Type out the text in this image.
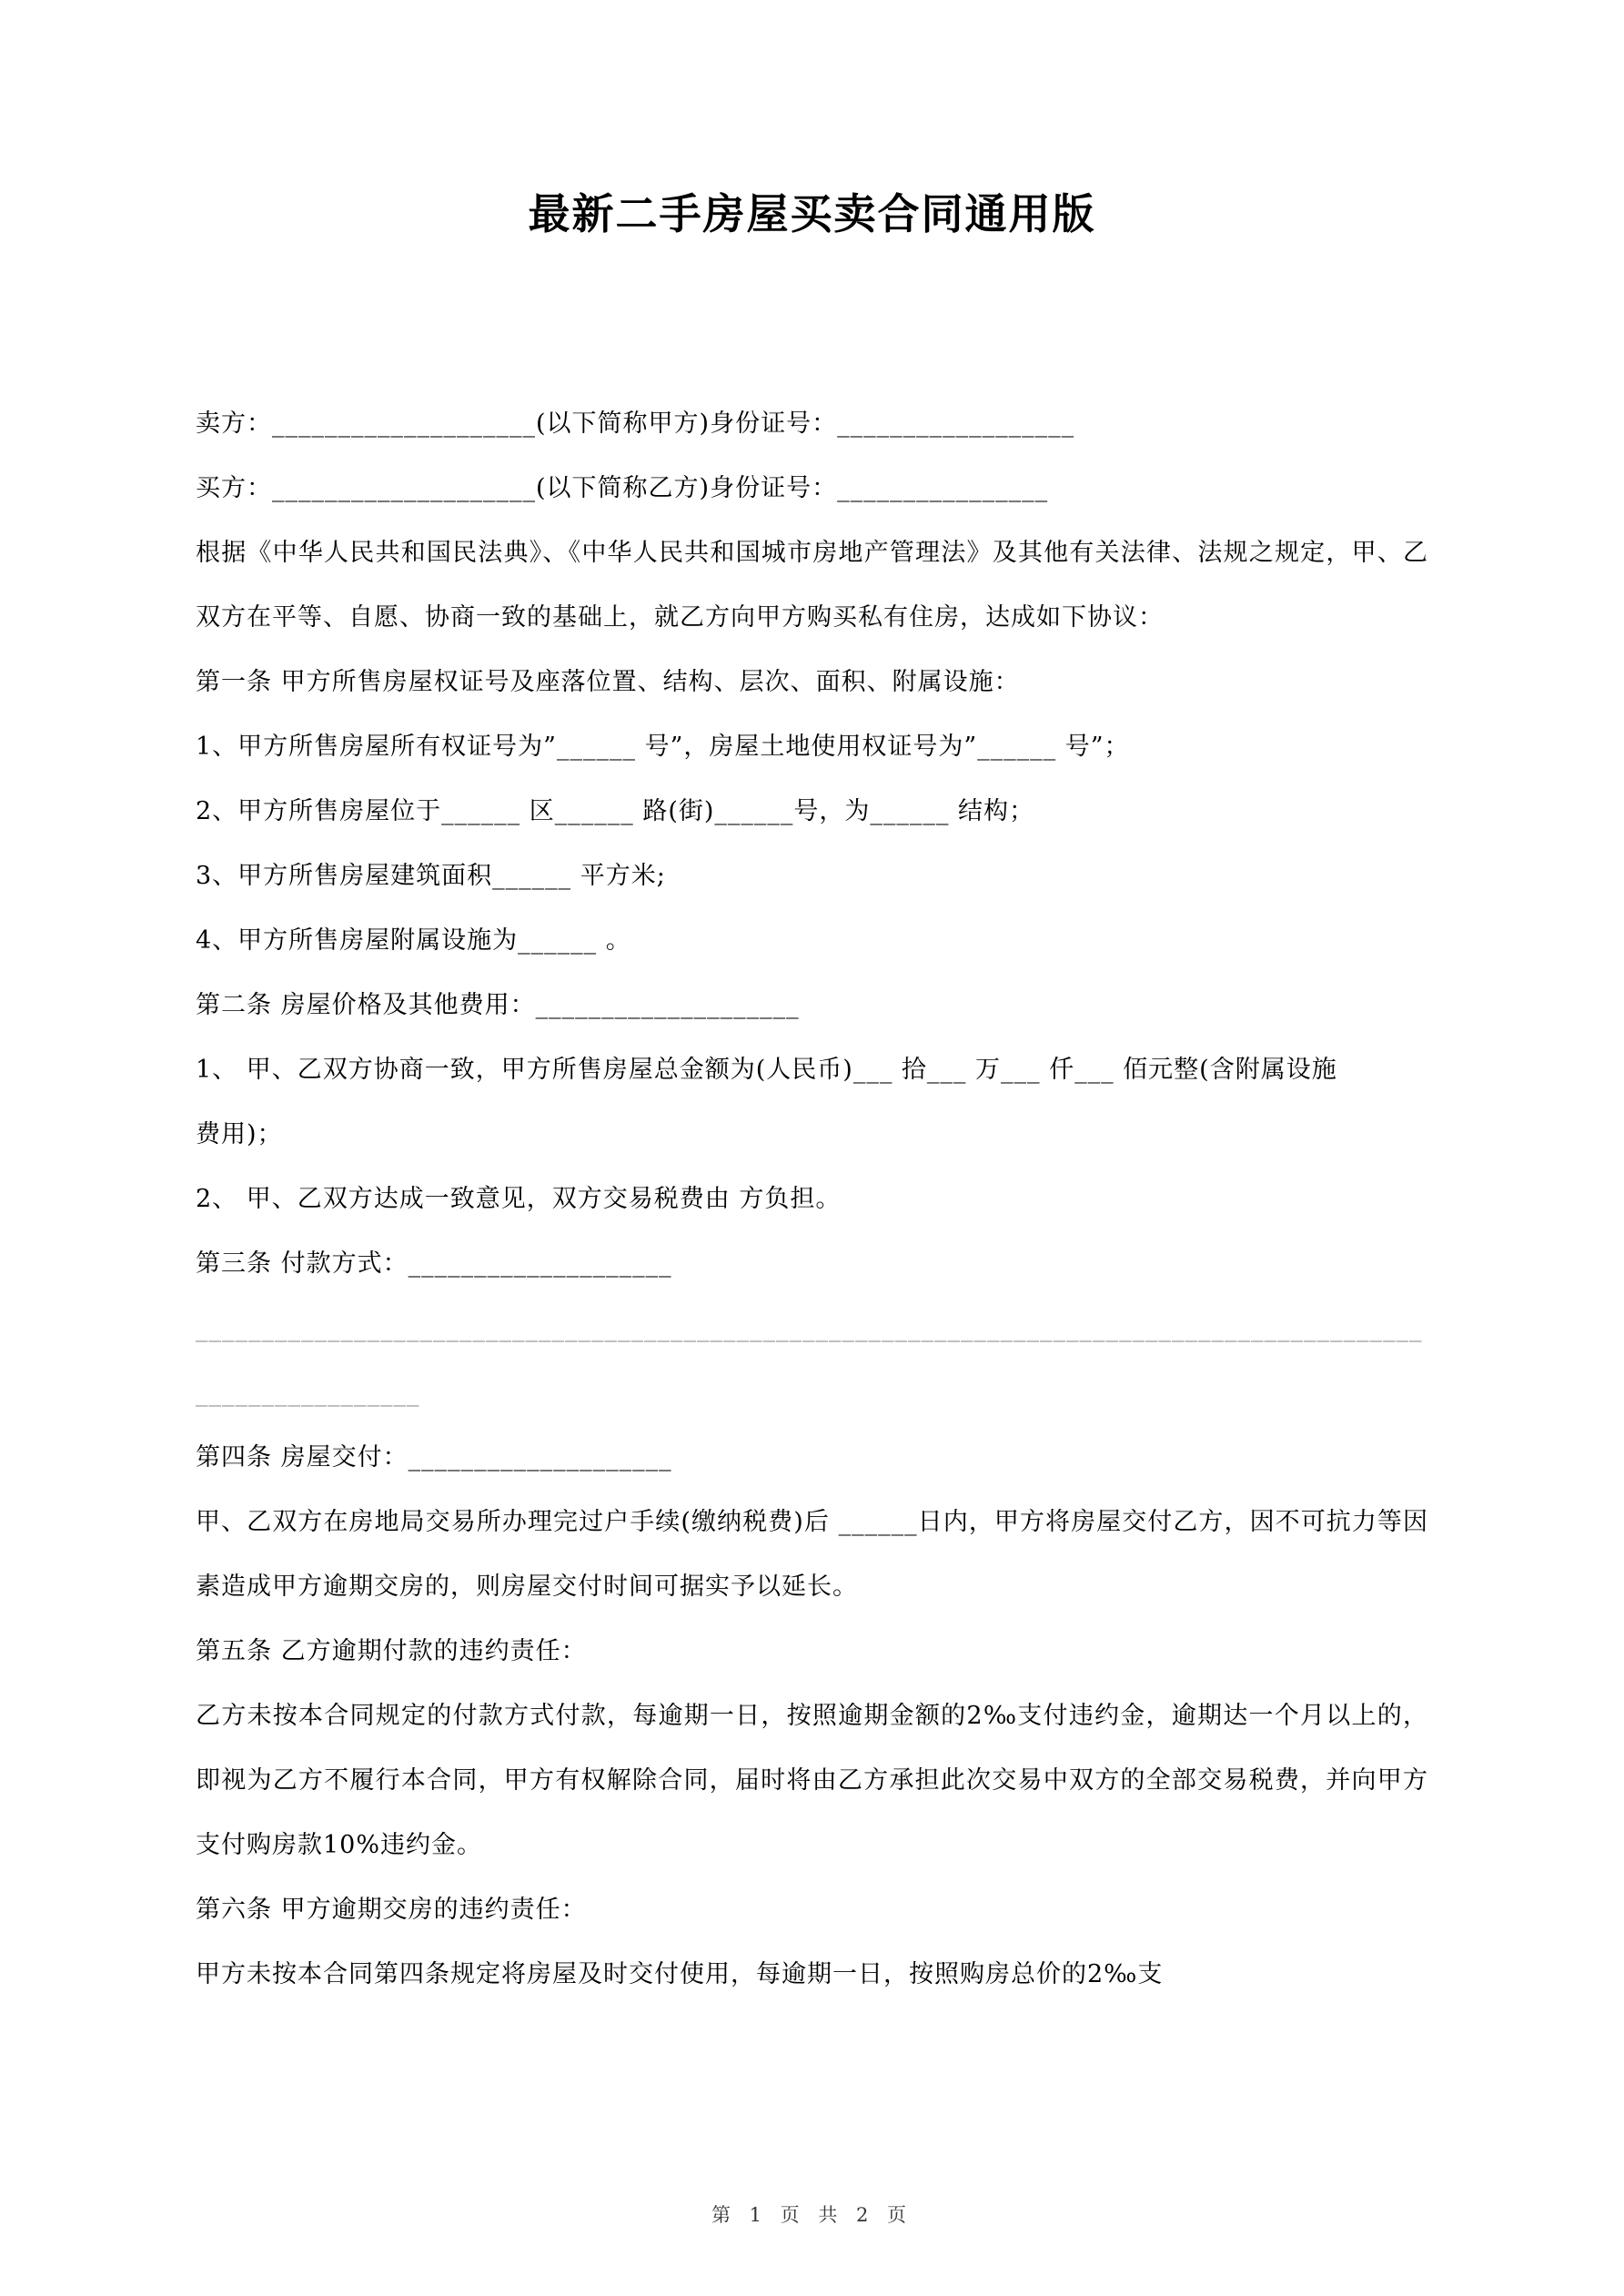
最新二手房屋买卖合同通用版

卖方：____________________(以下简称甲方)身份证号：__________________

买方：____________________(以下简称乙方)身份证号：________________

根据《中华人民共和国民法典》、《中华人民共和国城市房地产管理法》及其他有关法律、法规之规定，甲、乙双方在平等、自愿、协商一致的基础上，就乙方向甲方购买私有住房，达成如下协议：

第一条 甲方所售房屋权证号及座落位置、结构、层次、面积、附属设施：

1、甲方所售房屋所有权证号为”______ 号”，房屋土地使用权证号为”______ 号”；

2、甲方所售房屋位于______ 区______ 路(街)______号，为______ 结构；

3、甲方所售房屋建筑面积______ 平方米;

4、甲方所售房屋附属设施为______ 。

第二条 房屋价格及其他费用：____________________

1、 甲、乙双方协商一致，甲方所售房屋总金额为(人民币)___ 拾___ 万___ 仟___ 佰元整(含附属设施

费用)；

2、 甲、乙双方达成一致意见，双方交易税费由 方负担。

第三条 付款方式：____________________

______________________________________________________________________________________________________________

第四条 房屋交付：____________________

甲、乙双方在房地局交易所办理完过户手续(缴纳税费)后 ______日内，甲方将房屋交付乙方，因不可抗力等因素造成甲方逾期交房的，则房屋交付时间可据实予以延长。

第五条 乙方逾期付款的违约责任：

乙方未按本合同规定的付款方式付款，每逾期一日，按照逾期金额的2‰支付违约金，逾期达一个月以上的，即视为乙方不履行本合同，甲方有权解除合同，届时将由乙方承担此次交易中双方的全部交易税费，并向甲方支付购房款10%违约金。

第六条 甲方逾期交房的违约责任：

甲方未按本合同第四条规定将房屋及时交付使用，每逾期一日，按照购房总价的2‰支

第 1 页 共 2 页
